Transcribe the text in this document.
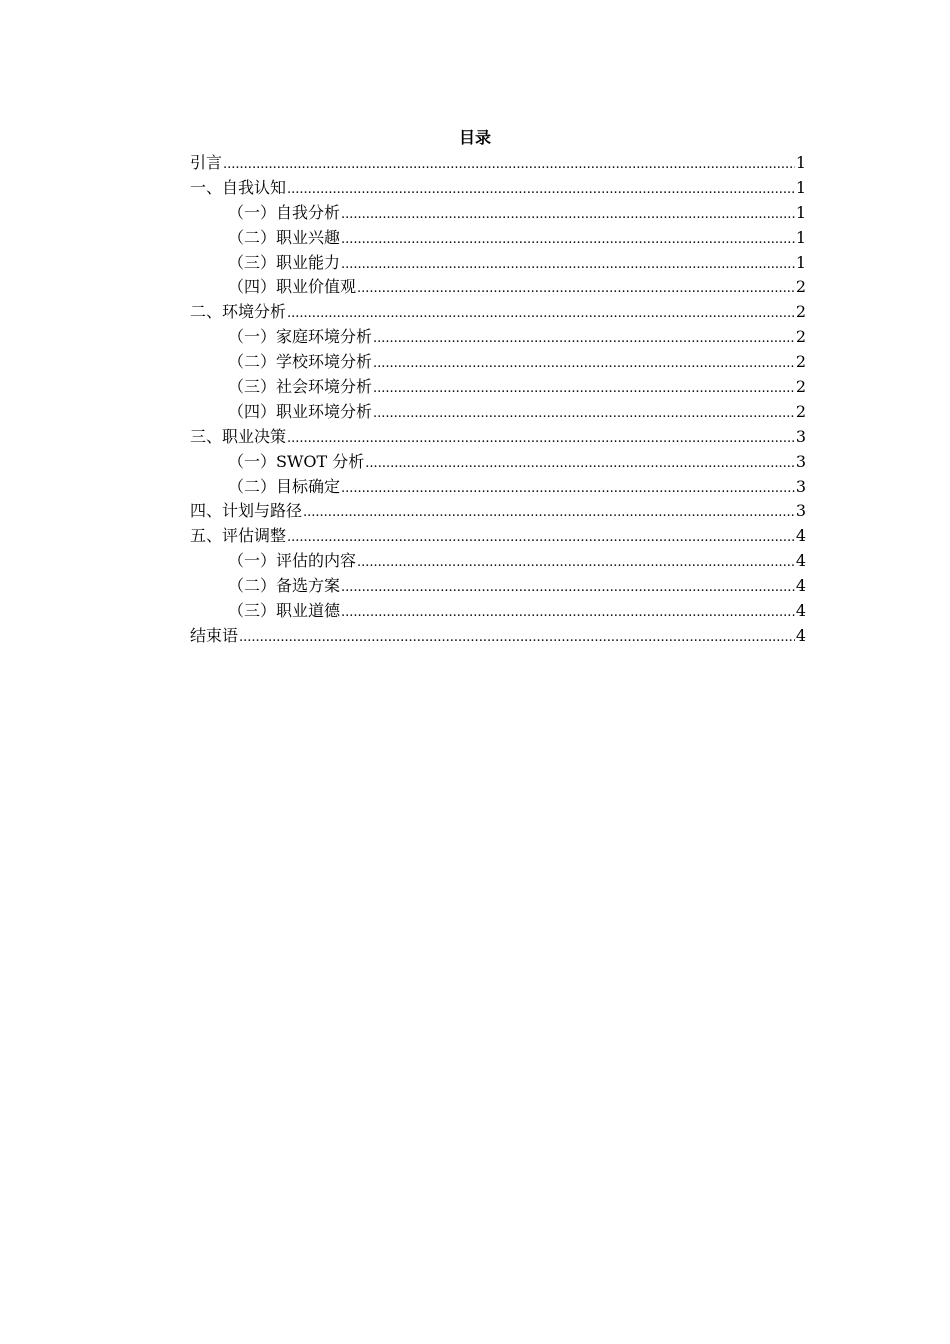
目录
引言 .....	1
一、自我认知 .....	1
（一）自我分析 .....	1
（二）职业兴趣 .....	1
（三）职业能力 .....	1
（四）职业价值观 .....	2
二、环境分析 .....	2
（一）家庭环境分析 .....	2
（二）学校环境分析 .....	2
（三）社会环境分析 .....	2
（四）职业环境分析 .....	2
三、职业决策 .....	3
（一）SWOT 分析 .....	3
（二）目标确定 .....	3
四、计划与路径 .....	3
五、评估调整 .....	4
（一）评估的内容 .....	4
（二）备选方案 .....	4
（三）职业道德 .....	4
结束语 .....	4
